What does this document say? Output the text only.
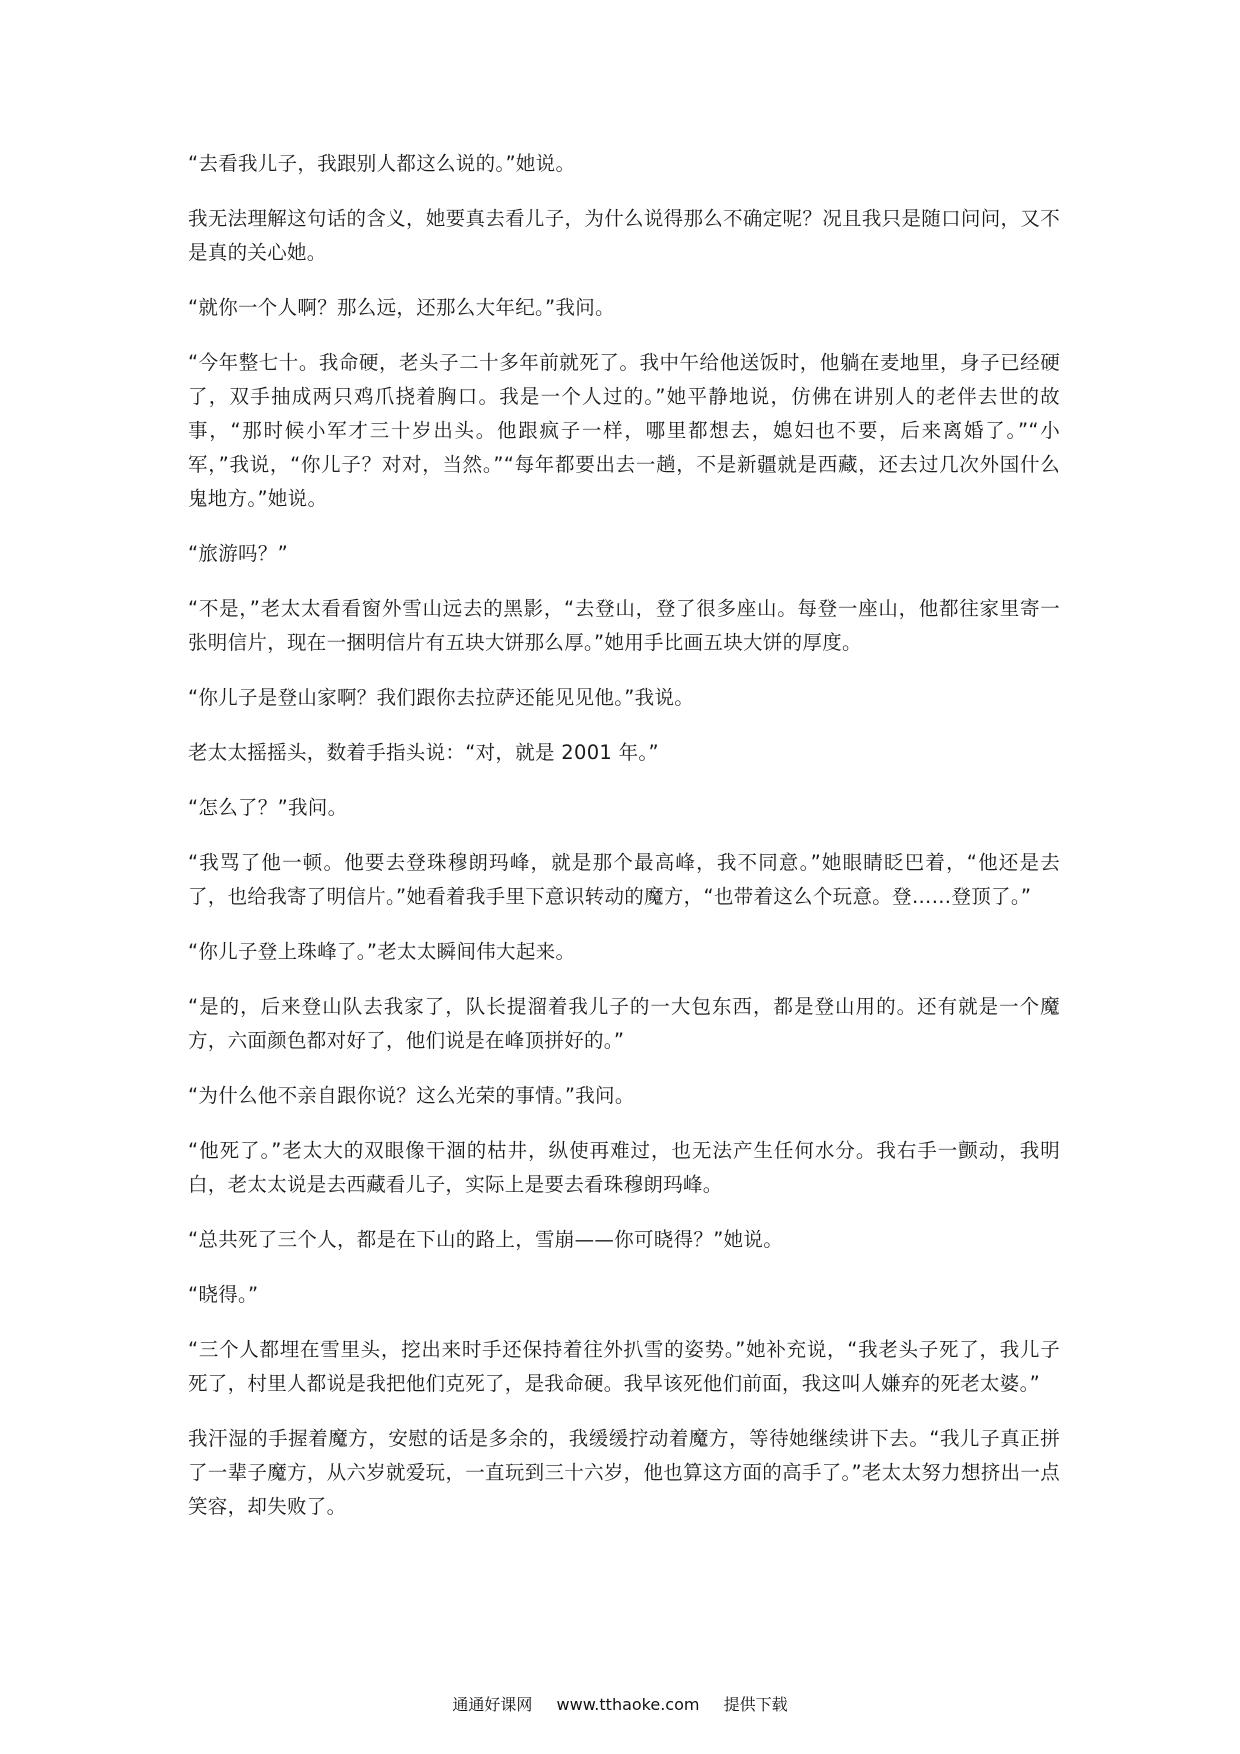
“去看我儿子，我跟别人都这么说的。”她说。

我无法理解这句话的含义，她要真去看儿子，为什么说得那么不确定呢？况且我只是随口问问，又不是真的关心她。

“就你一个人啊？那么远，还那么大年纪。”我问。

“今年整七十。我命硬，老头子二十多年前就死了。我中午给他送饭时，他躺在麦地里，身子已经硬了，双手抽成两只鸡爪挠着胸口。我是一个人过的。”她平静地说，仿佛在讲别人的老伴去世的故事，“那时候小军才三十岁出头。他跟疯子一样，哪里都想去，媳妇也不要，后来离婚了。”“小军，”我说，“你儿子？对对，当然。”“每年都要出去一趟，不是新疆就是西藏，还去过几次外国什么鬼地方。”她说。

“旅游吗？”

“不是，”老太太看看窗外雪山远去的黑影，“去登山，登了很多座山。每登一座山，他都往家里寄一张明信片，现在一捆明信片有五块大饼那么厚。”她用手比画五块大饼的厚度。

“你儿子是登山家啊？我们跟你去拉萨还能见见他。”我说。

老太太摇摇头，数着手指头说：“对，就是 2001 年。”

“怎么了？”我问。

“我骂了他一顿。他要去登珠穆朗玛峰，就是那个最高峰，我不同意。”她眼睛眨巴着，“他还是去了，也给我寄了明信片。”她看着我手里下意识转动的魔方，“也带着这么个玩意。登……登顶了。”

“你儿子登上珠峰了。”老太太瞬间伟大起来。

“是的，后来登山队去我家了，队长提溜着我儿子的一大包东西，都是登山用的。还有就是一个魔方，六面颜色都对好了，他们说是在峰顶拼好的。”

“为什么他不亲自跟你说？这么光荣的事情。”我问。

“他死了。”老太大的双眼像干涸的枯井，纵使再难过，也无法产生任何水分。我右手一颤动，我明白，老太太说是去西藏看儿子，实际上是要去看珠穆朗玛峰。

“总共死了三个人，都是在下山的路上，雪崩——你可晓得？”她说。

“晓得。”

“三个人都埋在雪里头，挖出来时手还保持着往外扒雪的姿势。”她补充说，“我老头子死了，我儿子死了，村里人都说是我把他们克死了，是我命硬。我早该死他们前面，我这叫人嫌弃的死老太婆。”

我汗湿的手握着魔方，安慰的话是多余的，我缓缓拧动着魔方，等待她继续讲下去。“我儿子真正拼了一辈子魔方，从六岁就爱玩，一直玩到三十六岁，他也算这方面的高手了。”老太太努力想挤出一点笑容，却失败了。

通通好课网 www.tthaoke.com 提供下载
